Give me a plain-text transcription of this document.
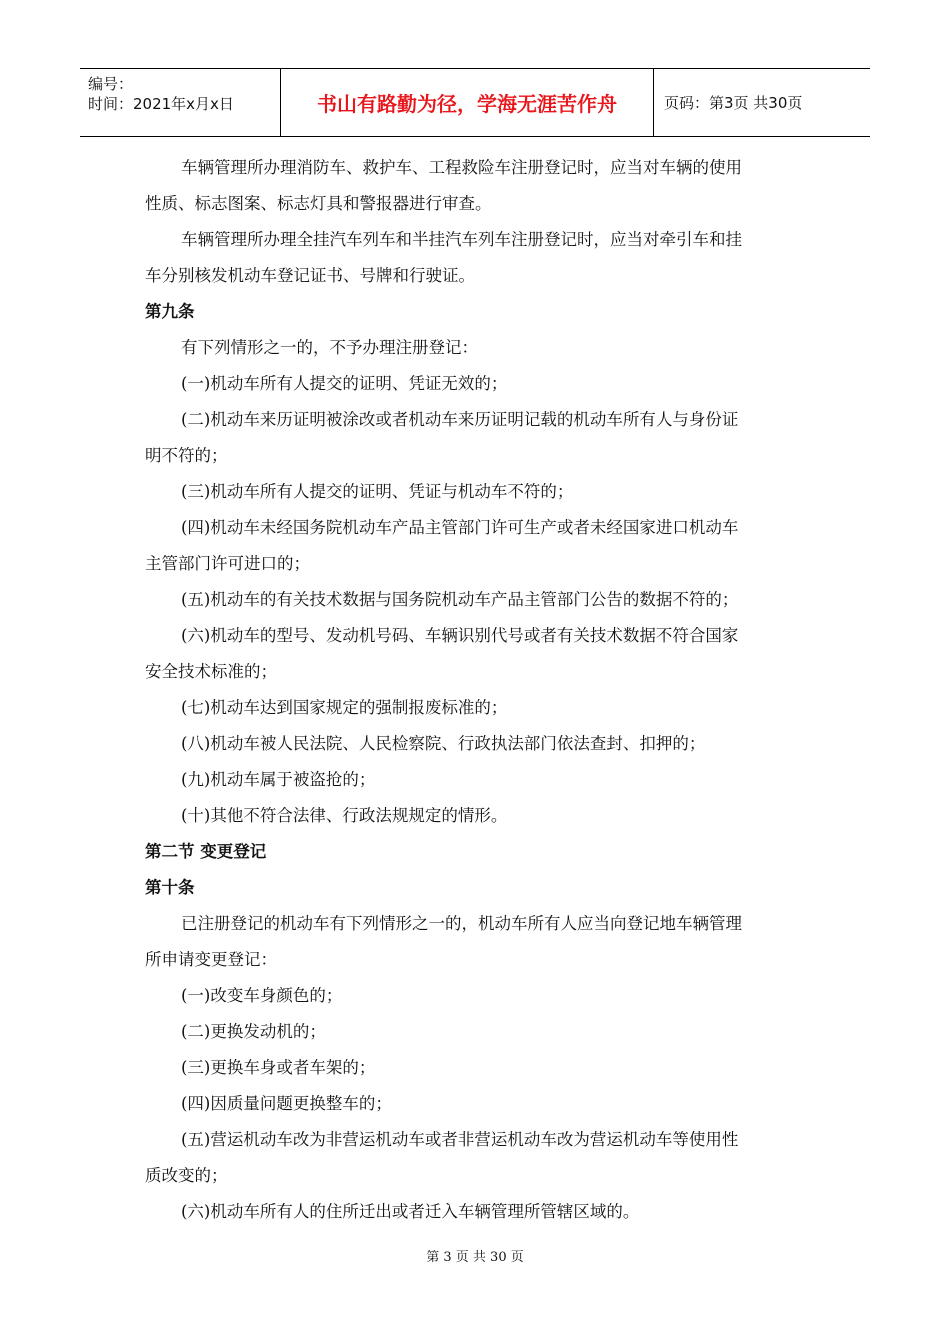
编号：
时间：2021年x月x日	书山有路勤为径，学海无涯苦作舟	页码：第3页 共30页

车辆管理所办理消防车、救护车、工程救险车注册登记时，应当对车辆的使用

性质、标志图案、标志灯具和警报器进行审查。

车辆管理所办理全挂汽车列车和半挂汽车列车注册登记时，应当对牵引车和挂

车分别核发机动车登记证书、号牌和行驶证。

第九条

有下列情形之一的，不予办理注册登记：

(一)机动车所有人提交的证明、凭证无效的；

(二)机动车来历证明被涂改或者机动车来历证明记载的机动车所有人与身份证

明不符的；

(三)机动车所有人提交的证明、凭证与机动车不符的；

(四)机动车未经国务院机动车产品主管部门许可生产或者未经国家进口机动车

主管部门许可进口的；

(五)机动车的有关技术数据与国务院机动车产品主管部门公告的数据不符的；

(六)机动车的型号、发动机号码、车辆识别代号或者有关技术数据不符合国家

安全技术标准的；

(七)机动车达到国家规定的强制报废标准的；

(八)机动车被人民法院、人民检察院、行政执法部门依法查封、扣押的；

(九)机动车属于被盗抢的；

(十)其他不符合法律、行政法规规定的情形。

第二节 变更登记

第十条

已注册登记的机动车有下列情形之一的，机动车所有人应当向登记地车辆管理

所申请变更登记：

(一)改变车身颜色的；

(二)更换发动机的；

(三)更换车身或者车架的；

(四)因质量问题更换整车的；

(五)营运机动车改为非营运机动车或者非营运机动车改为营运机动车等使用性

质改变的；

(六)机动车所有人的住所迁出或者迁入车辆管理所管辖区域的。

第 3 页 共 30 页
